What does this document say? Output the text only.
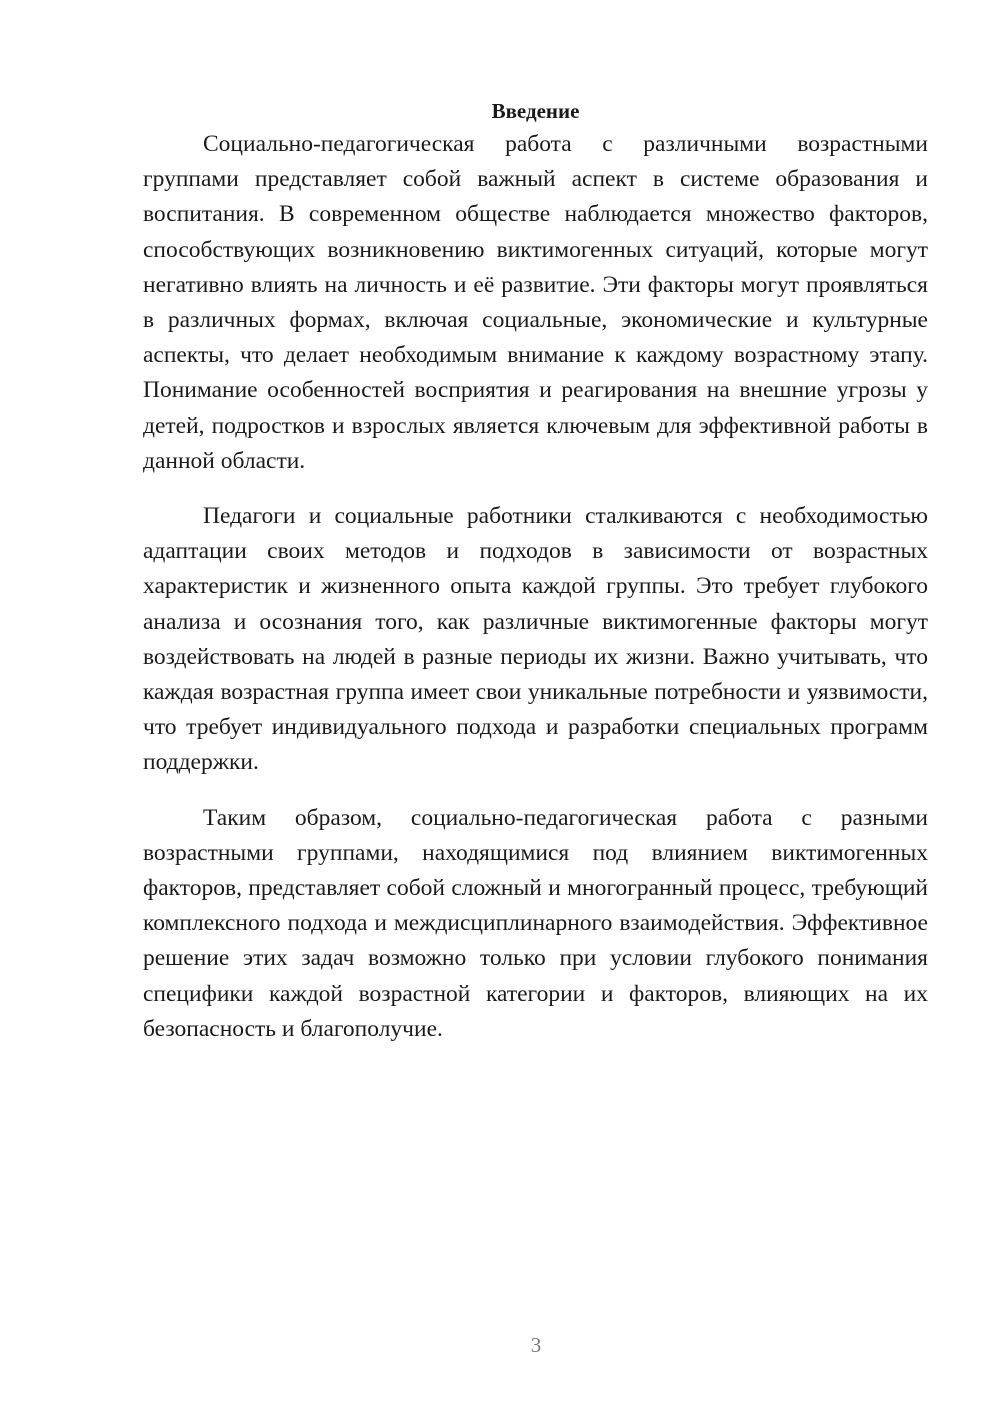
Введение

Социально-педагогическая работа с различными возрастными группами представляет собой важный аспект в системе образования и воспитания. В современном обществе наблюдается множество факторов, способствующих возникновению виктимогенных ситуаций, которые могут негативно влиять на личность и её развитие. Эти факторы могут проявляться в различных формах, включая социальные, экономические и культурные аспекты, что делает необходимым внимание к каждому возрастному этапу. Понимание особенностей восприятия и реагирования на внешние угрозы у детей, подростков и взрослых является ключевым для эффективной работы в данной области.

Педагоги и социальные работники сталкиваются с необходимостью адаптации своих методов и подходов в зависимости от возрастных характеристик и жизненного опыта каждой группы. Это требует глубокого анализа и осознания того, как различные виктимогенные факторы могут воздействовать на людей в разные периоды их жизни. Важно учитывать, что каждая возрастная группа имеет свои уникальные потребности и уязвимости, что требует индивидуального подхода и разработки специальных программ поддержки.

Таким образом, социально-педагогическая работа с разными возрастными группами, находящимися под влиянием виктимогенных факторов, представляет собой сложный и многогранный процесс, требующий комплексного подхода и междисциплинарного взаимодействия. Эффективное решение этих задач возможно только при условии глубокого понимания специфики каждой возрастной категории и факторов, влияющих на их безопасность и благополучие.

3
